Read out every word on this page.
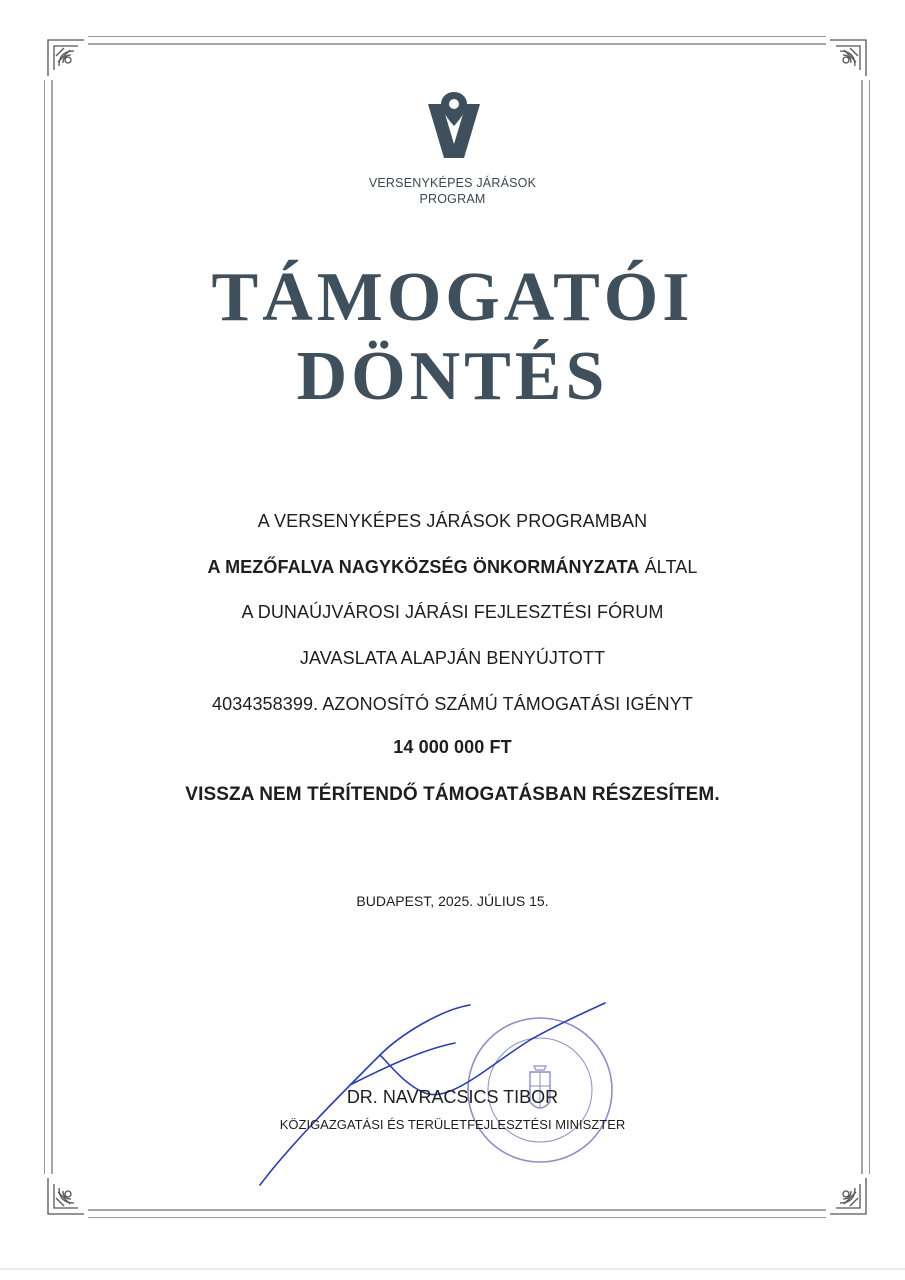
VERSENYKÉPES JÁRÁSOK
PROGRAM
TÁMOGATÓI
DÖNTÉS
A VERSENYKÉPES JÁRÁSOK PROGRAMBAN
A MEZŐFALVA NAGYKÖZSÉG ÖNKORMÁNYZATA ÁLTAL
A DUNAÚJVÁROSI JÁRÁSI FEJLESZTÉSI FÓRUM
JAVASLATA ALAPJÁN BENYÚJTOTT
4034358399. AZONOSÍTÓ SZÁMÚ TÁMOGATÁSI IGÉNYT
14 000 000 FT
VISSZA NEM TÉRÍTENDŐ TÁMOGATÁSBAN RÉSZESÍTEM.
BUDAPEST, 2025. JÚLIUS 15.
DR. NAVRACSICS TIBOR
KÖZIGAZGATÁSI ÉS TERÜLETFEJLESZTÉSI MINISZTER
